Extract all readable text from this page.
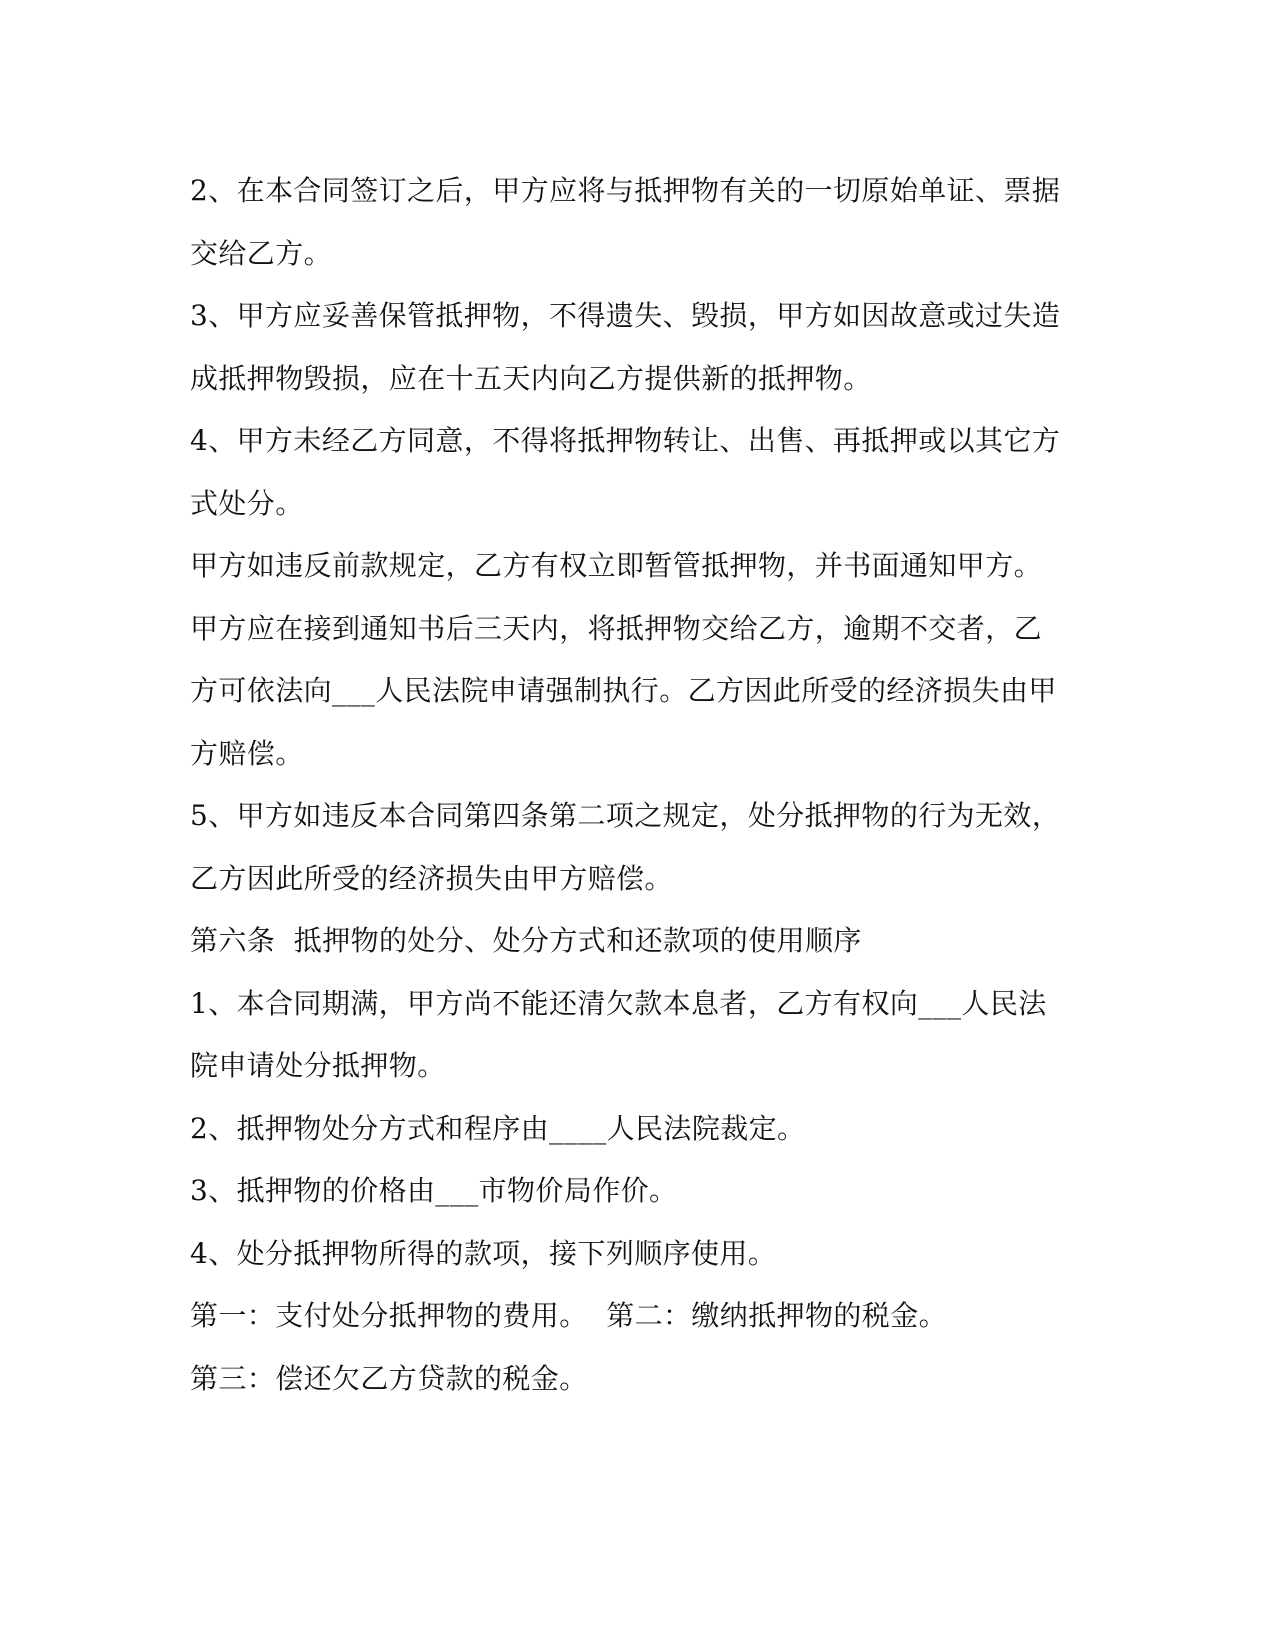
2、在本合同签订之后，甲方应将与抵押物有关的一切原始单证、票据
交给乙方。
3、甲方应妥善保管抵押物，不得遗失、毁损，甲方如因故意或过失造
成抵押物毁损，应在十五天内向乙方提供新的抵押物。
4、甲方未经乙方同意，不得将抵押物转让、出售、再抵押或以其它方
式处分。
甲方如违反前款规定，乙方有权立即暂管抵押物，并书面通知甲方。
甲方应在接到通知书后三天内，将抵押物交给乙方，逾期不交者，乙
方可依法向___人民法院申请强制执行。乙方因此所受的经济损失由甲
方赔偿。
5、甲方如违反本合同第四条第二项之规定，处分抵押物的行为无效，
乙方因此所受的经济损失由甲方赔偿。
第六条  抵押物的处分、处分方式和还款项的使用顺序
1、本合同期满，甲方尚不能还清欠款本息者，乙方有权向___人民法
院申请处分抵押物。
2、抵押物处分方式和程序由____人民法院裁定。
3、抵押物的价格由___市物价局作价。
4、处分抵押物所得的款项，接下列顺序使用。
第一：支付处分抵押物的费用。  第二：缴纳抵押物的税金。
第三：偿还欠乙方贷款的税金。
